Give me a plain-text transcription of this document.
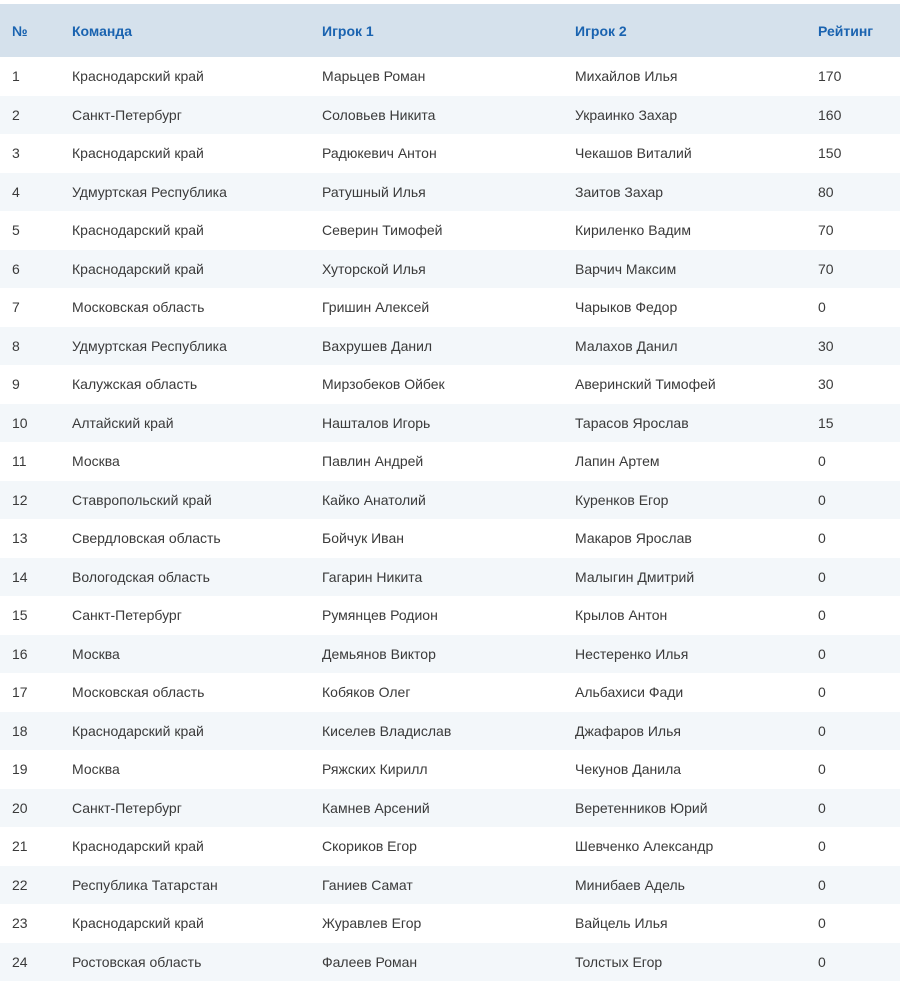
№	Команда	Игрок 1	Игрок 2	Рейтинг
1	Краснодарский край	Марьцев Роман	Михайлов Илья	170
2	Санкт-Петербург	Соловьев Никита	Украинко Захар	160
3	Краснодарский край	Радюкевич Антон	Чекашов Виталий	150
4	Удмуртская Республика	Ратушный Илья	Заитов Захар	80
5	Краснодарский край	Северин Тимофей	Кириленко Вадим	70
6	Краснодарский край	Хуторской Илья	Варчич Максим	70
7	Московская область	Гришин Алексей	Чарыков Федор	0
8	Удмуртская Республика	Вахрушев Данил	Малахов Данил	30
9	Калужская область	Мирзобеков Ойбек	Аверинский Тимофей	30
10	Алтайский край	Нашталов Игорь	Тарасов Ярослав	15
11	Москва	Павлин Андрей	Лапин Артем	0
12	Ставропольский край	Кайко Анатолий	Куренков Егор	0
13	Свердловская область	Бойчук Иван	Макаров Ярослав	0
14	Вологодская область	Гагарин Никита	Малыгин Дмитрий	0
15	Санкт-Петербург	Румянцев Родион	Крылов Антон	0
16	Москва	Демьянов Виктор	Нестеренко Илья	0
17	Московская область	Кобяков Олег	Альбахиси Фади	0
18	Краснодарский край	Киселев Владислав	Джафаров Илья	0
19	Москва	Ряжских Кирилл	Чекунов Данила	0
20	Санкт-Петербург	Камнев Арсений	Веретенников Юрий	0
21	Краснодарский край	Скориков Егор	Шевченко Александр	0
22	Республика Татарстан	Ганиев Самат	Минибаев Адель	0
23	Краснодарский край	Журавлев Егор	Вайцель Илья	0
24	Ростовская область	Фалеев Роман	Толстых Егор	0
